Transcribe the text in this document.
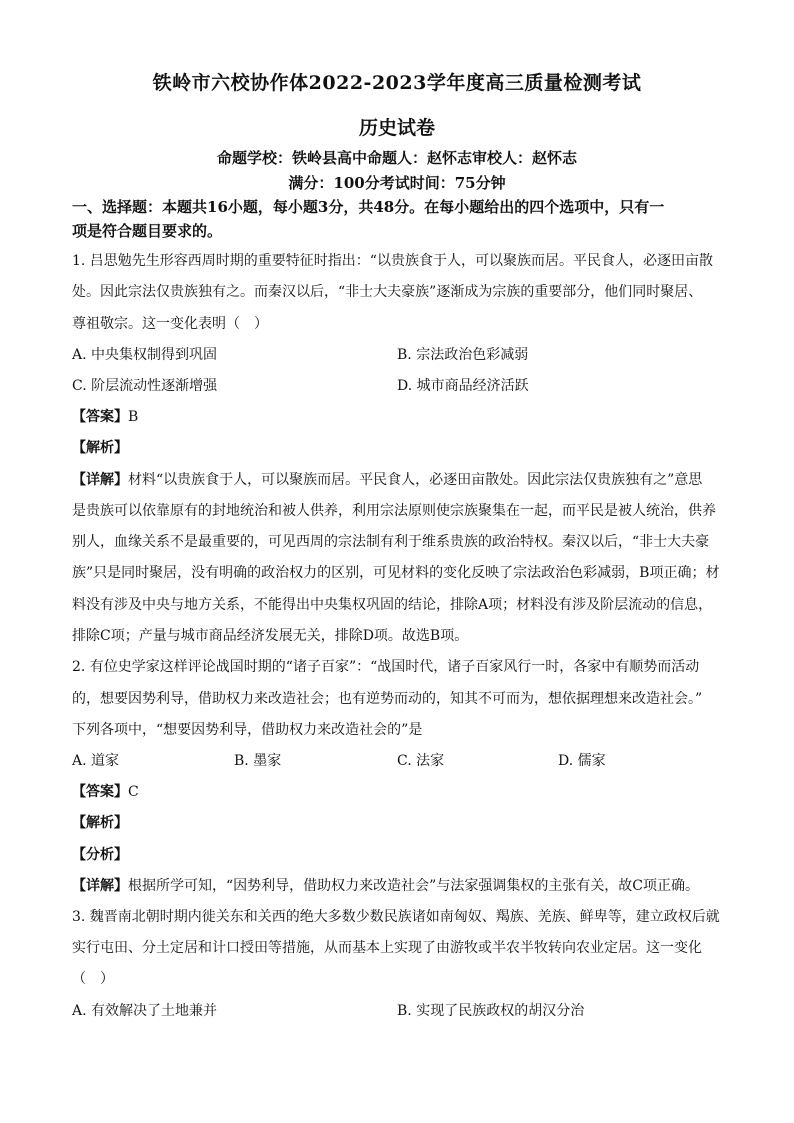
铁岭市六校协作体2022-2023学年度高三质量检测考试
历史试卷
命题学校：铁岭县高中命题人：赵怀志审校人：赵怀志
满分：100分考试时间：75分钟
一、选择题：本题共16小题，每小题3分，共48分。在每小题给出的四个选项中，只有一
项是符合题目要求的。
1. 吕思勉先生形容西周时期的重要特征时指出：“以贵族食于人，可以聚族而居。平民食人，必逐田亩散
处。因此宗法仅贵族独有之。而秦汉以后，“非士大夫豪族”逐渐成为宗族的重要部分，他们同时聚居、
尊祖敬宗。这一变化表明（　）
A. 中央集权制得到巩固	B. 宗法政治色彩减弱
C. 阶层流动性逐渐增强	D. 城市商品经济活跃
【答案】B
【解析】
【详解】材料“以贵族食于人，可以聚族而居。平民食人，必逐田亩散处。因此宗法仅贵族独有之”意思
是贵族可以依靠原有的封地统治和被人供养，利用宗法原则使宗族聚集在一起，而平民是被人统治，供养
别人，血缘关系不是最重要的，可见西周的宗法制有利于维系贵族的政治特权。秦汉以后，“非士大夫豪
族”只是同时聚居，没有明确的政治权力的区别，可见材料的变化反映了宗法政治色彩减弱，B项正确；材
料没有涉及中央与地方关系，不能得出中央集权巩固的结论，排除A项；材料没有涉及阶层流动的信息，
排除C项；产量与城市商品经济发展无关，排除D项。故选B项。
2. 有位史学家这样评论战国时期的“诸子百家”：“战国时代，诸子百家风行一时，各家中有顺势而活动
的，想要因势利导，借助权力来改造社会；也有逆势而动的，知其不可而为，想依据理想来改造社会。”
下列各项中，“想要因势利导，借助权力来改造社会的”是
A. 道家	B. 墨家	C. 法家	D. 儒家
【答案】C
【解析】
【分析】
【详解】根据所学可知，“因势利导，借助权力来改造社会”与法家强调集权的主张有关，故C项正确。
3. 魏晋南北朝时期内徙关东和关西的绝大多数少数民族诸如南匈奴、羯族、羌族、鲜卑等，建立政权后就
实行屯田、分土定居和计口授田等措施，从而基本上实现了由游牧或半农半牧转向农业定居。这一变化
（　）
A. 有效解决了土地兼并	B. 实现了民族政权的胡汉分治
